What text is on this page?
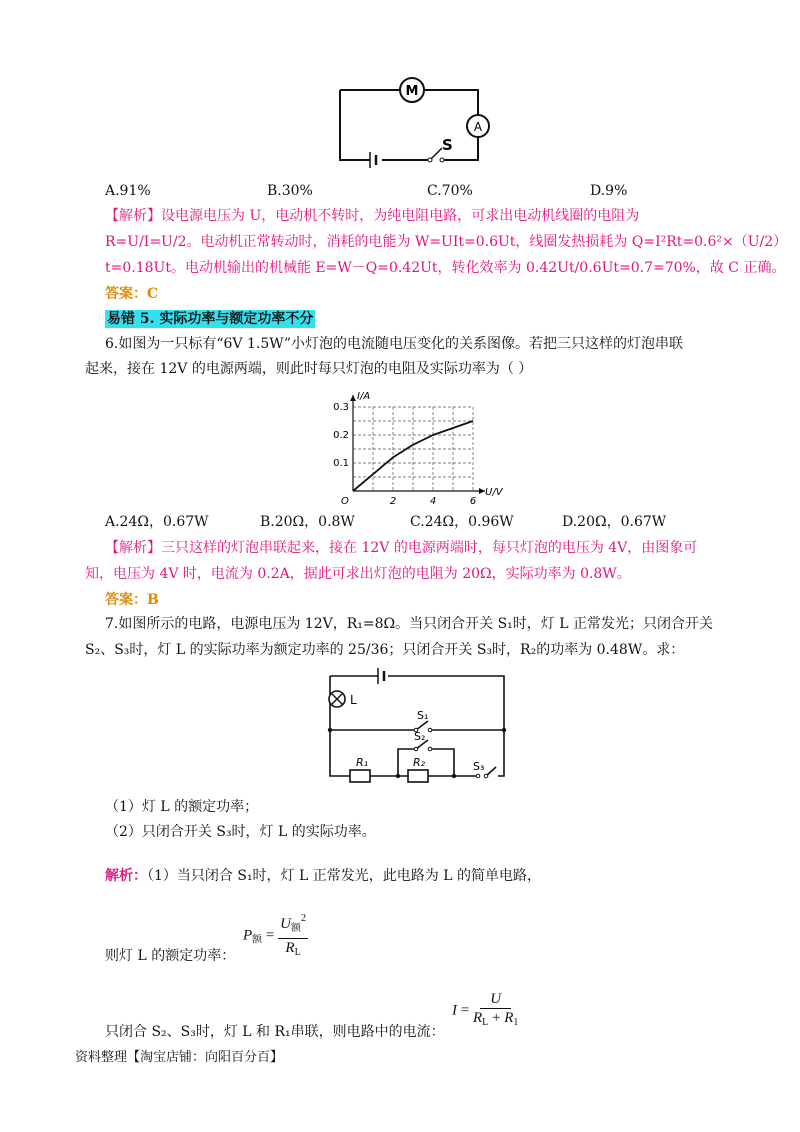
M
A
S
A.91%	B.30%	C.70%	D.9%
【解析】设电源电压为 U，电动机不转时，为纯电阻电路，可求出电动机线圈的电阻为
R=U/I=U/2。电动机正常转动时，消耗的电能为 W=UIt=0.6Ut，线圈发热损耗为 Q=I²Rt=0.6²×（U/2）
t=0.18Ut。电动机输出的机械能 E=W－Q=0.42Ut，转化效率为 0.42Ut/0.6Ut=0.7=70%，故 C 正确。
答案：C
易错 5. 实际功率与额定功率不分
6.如图为一只标有“6V 1.5W”小灯泡的电流随电压变化的关系图像。若把三只这样的灯泡串联
起来，接在 12V 的电源两端，则此时每只灯泡的电阻及实际功率为（ ）
2	4	6
0.1
0.2
0.3
O
U/V
I/A
A.24Ω，0.67W	B.20Ω，0.8W	C.24Ω，0.96W	D.20Ω，0.67W
【解析】三只这样的灯泡串联起来，接在 12V 的电源两端时，每只灯泡的电压为 4V，由图象可
知，电压为 4V 时，电流为 0.2A，据此可求出灯泡的电阻为 20Ω，实际功率为 0.8W。
答案：B
7.如图所示的电路，电源电压为 12V，R₁=8Ω。当只闭合开关 S₁时，灯 L 正常发光；只闭合开关
S₂、S₃时，灯 L 的实际功率为额定功率的 25/36；只闭合开关 S₃时，R₂的功率为 0.48W。求：
L
S₁
S₂
S₃
R₁	R₂
（1）灯 L 的额定功率；
（2）只闭合开关 S₃时，灯 L 的实际功率。
解析：（1）当只闭合 S₁时，灯 L 正常发光，此电路为 L 的简单电路，
$P_额 = \frac{U_额^2}{R_L}$
则灯 L 的额定功率：
$I = \frac{U}{R_L + R_1}$
只闭合 S₂、S₃时，灯 L 和 R₁串联，则电路中的电流：
资料整理【淘宝店铺：向阳百分百】
